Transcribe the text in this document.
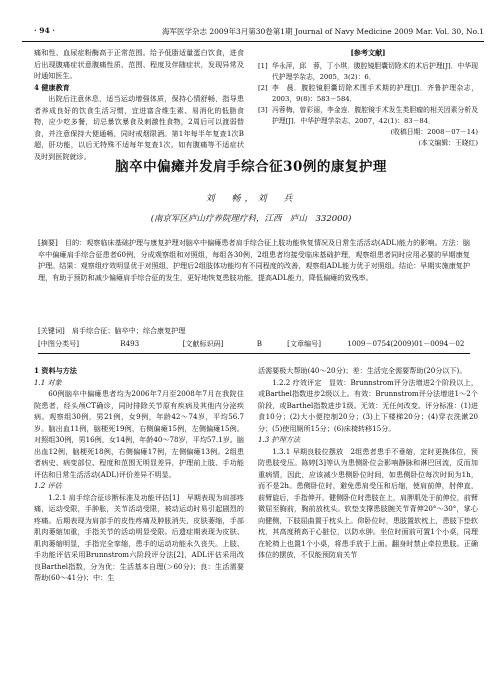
· 94 ·	海军医学杂志 2009年3月第30卷第1期 Journal of Navy Medicine 2009 Mar. Vol. 30, No.1

痛和性、血尿症粉酶高于正常范围。给予低脂适量蛋白饮食，进食后出现腹痛症状意腹痛性质、范围、程度及伴随症状，发现异常及时通知医生。

4 健康教育

出院后注意休息，适当运动增强体质，保持心情舒畅，指导患者养成良好的饮食生活习惯，宜进富含维生素、易消化的低脂食物，应少吃多餐，切忌暴饮暴食及刺激性食物，2周后可以渡弱替食，并注意保持大便通畅，同时戒烟限酒。第1年每半年复查1次B超，肝功能，以后无特殊不适每年复查1次。如有腹痛等不适症状及时到医院就诊。

[参考文献]

[1] 华永萍，邱　蓉，丁小琪．腹腔镜胆囊切除术的术后护理[J]．中华现代护理学杂志，2005，3(2)：6．

[2] 李　晨．腹腔镜胆囊切除术围手术期的护理[J]．齐鲁护理杂志，2003，9(8)：583－584．

[3] 冯蓉梅，曾彩丽，李金连．腹腔镜手术发生类胆瘤的相关因素分析及护理[J]．中华护理学杂志，2007，42(1)：83－84．

(收稿日期：2008－07－14)

(本文编辑：王晓红)

脑卒中偏瘫并发肩手综合征30例的康复护理
刘　畅，刘　兵
(南京军区庐山疗养院理疗科，江西　庐山　332000)

[摘要]　目的：观察临床基础护理与康复护理对脑卒中偏瘫患者肩手综合征上肢功能恢复情况及日常生活活动(ADL)能力的影响。方法：脑卒中偏瘫肩手综合征患者60例，分成观察组和对照组，每组各30例，2组患者均接受临床基础护理，观察组患者同时应用必要的早期康复护理。结果：观察组疗效明显优于对照组，护理后2组肢体功能均有不同程度的改善，观察组ADL能力优于对照组。结论：早期实施康复护理，有助于预防和减少偏瘫肩手综合征的发生，更好地恢复患肢功能，提高ADL能力，降低偏瘫的致残率。

[关键词]　肩手综合征；脑卒中；综合康复护理
[中图分类号]	R493	[文献标识码]	B	[文章编号]	1009－0754(2009)01－0094－02

1 资料与方法

1.1 对象

60例脑卒中偏瘫患者均为2006年7月至2008年7月在我院住院患者，经头颅CT确诊，同时排除关节原有疾病及其他内分泌疾病。观察组30例，男21例，女9例，年龄42～74岁，平均56.7岁。脑出血11例，脑梗死19例，右侧偏瘫15例，左侧偏瘫15例。对照组30例，男16例，女14例，年龄40～78岁，平均57.1岁。脑出血12例，脑梗死18例，右侧偏瘫17例，左侧偏瘫13例。2组患者病史、病变部位、程度和范围无明显差异，护理前上肢、手功能评估和日常生活活动(ADL)评价差异不明显。

1.2 评估

1.2.1 肩手综合征诊断标准及功能评估[1]　早期表现为肩部疼痛，运动受限，手肿胀，关节活动受限，被动运动时易引起剧烈的疼痛。后期表现为肩部手的皮性疼痛及肿胀消失，皮肤萎缩，手部肌肉萎缩加重，手指关节的活动明显受限。后遗症期表现为皮肤、肌肉萎缩明显，手指完全挛缩，患手的运动功能永久丧失。上肢、手功能评估采用Brunnstrom六阶段评分法[2]，ADL评估采用改良Barthel指数，分为优：生活基本自理(＞60分)；良：生活需要帮助(60～41分)；中：生

活需要极大帮助(40～20分)；差：生活完全需要帮助(20分以下)。

1.2.2 疗效评定　显效：Brunnstrom评分法增进2个阶段以上，或Barthel指数进步2级以上。有效：Brunnstrom评分法增进1～2个阶段，或Barthel指数进步1级。无效：无任何改变。评分标准：(1)进食10分；(2)大小便控制20分；(3)上下楼梯20分；(4)穿衣洗漱20分；(5)使用厕所15分；(6)床椅转移15分。

1.3 护理方法

1.3.1 早期良肢位摆放　2组患者患手不垂缩，定时更换体位，预防患肢受压。陈婷[3]等认为患侧卧位会影响静脉和淋巴回流，反而加重病情，因此，应该减少患侧卧位时间，如患侧卧位每次时间为1h，而不是2h。患侧卧位时，避免患肩受压和后缩，使肩前伸，肘伸直，前臂旋后，手指伸开。健侧卧位时患肢在上，肩胛肌处于前伸位，前臂微屈至胸前，胸前放枕头。软垫支撑患肢腕关节背伸20°～30°，掌心向健侧，下肢屈曲置于枕头上。仰卧位时，患肢置软枕上，患肢下垫软枕，其高度稍高于心脏位，以防水肿。坐位时面前可置1个小桌，同理在轮椅上也置1个小桌，将患手放于上面。翻身时禁止牵拉患肢。正确体位的摆放，不仅能预防肩关节
